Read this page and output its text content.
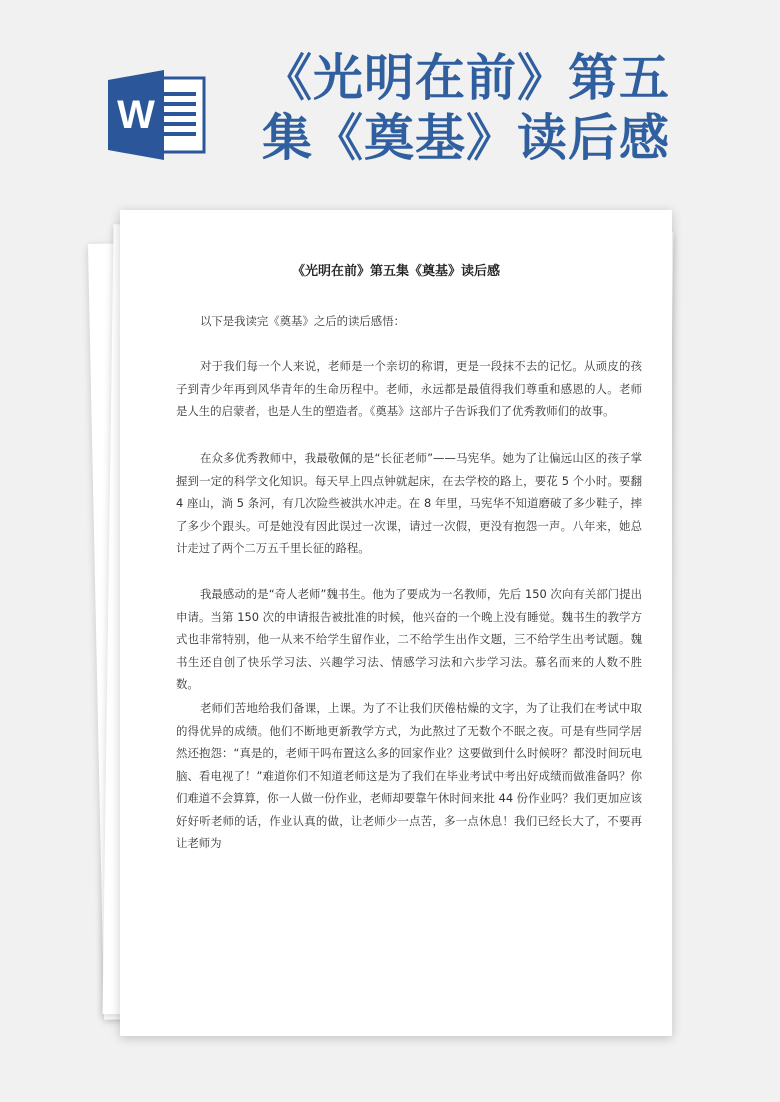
《光明在前》第五集《奠基》读后感
W
《光明在前》第五集《奠基》读后感

以下是我读完《奠基》之后的读后感悟：

对于我们每一个人来说，老师是一个亲切的称谓，更是一段抹不去的记忆。从顽皮的孩子到青少年再到风华青年的生命历程中。老师，永远都是最值得我们尊重和感恩的人。老师是人生的启蒙者，也是人生的塑造者。《奠基》这部片子告诉我们了优秀教师们的故事。

在众多优秀教师中，我最敬佩的是“长征老师”——马宪华。她为了让偏远山区的孩子掌握到一定的科学文化知识。每天早上四点钟就起床，在去学校的路上，要花 5 个小时。要翻 4 座山，淌 5 条河，有几次险些被洪水冲走。在 8 年里，马宪华不知道磨破了多少鞋子，摔了多少个跟头。可是她没有因此误过一次课，请过一次假，更没有抱怨一声。八年来，她总计走过了两个二万五千里长征的路程。

我最感动的是“奇人老师”魏书生。他为了要成为一名教师，先后 150 次向有关部门提出申请。当第 150 次的申请报告被批准的时候，他兴奋的一个晚上没有睡觉。魏书生的教学方式也非常特别，他一从来不给学生留作业，二不给学生出作文题，三不给学生出考试题。魏书生还自创了快乐学习法、兴趣学习法、情感学习法和六步学习法。慕名而来的人数不胜数。

老师们苦地给我们备课，上课。为了不让我们厌倦枯燥的文字，为了让我们在考试中取的得优异的成绩。他们不断地更新教学方式，为此熬过了无数个不眠之夜。可是有些同学居然还抱怨：“真是的，老师干吗布置这么多的回家作业？这要做到什么时候呀？都没时间玩电脑、看电视了！”难道你们不知道老师这是为了我们在毕业考试中考出好成绩而做准备吗？你们难道不会算算，你一人做一份作业，老师却要靠午休时间来批 44 份作业吗？我们更加应该好好听老师的话，作业认真的做，让老师少一点苦，多一点休息！我们已经长大了，不要再让老师为
